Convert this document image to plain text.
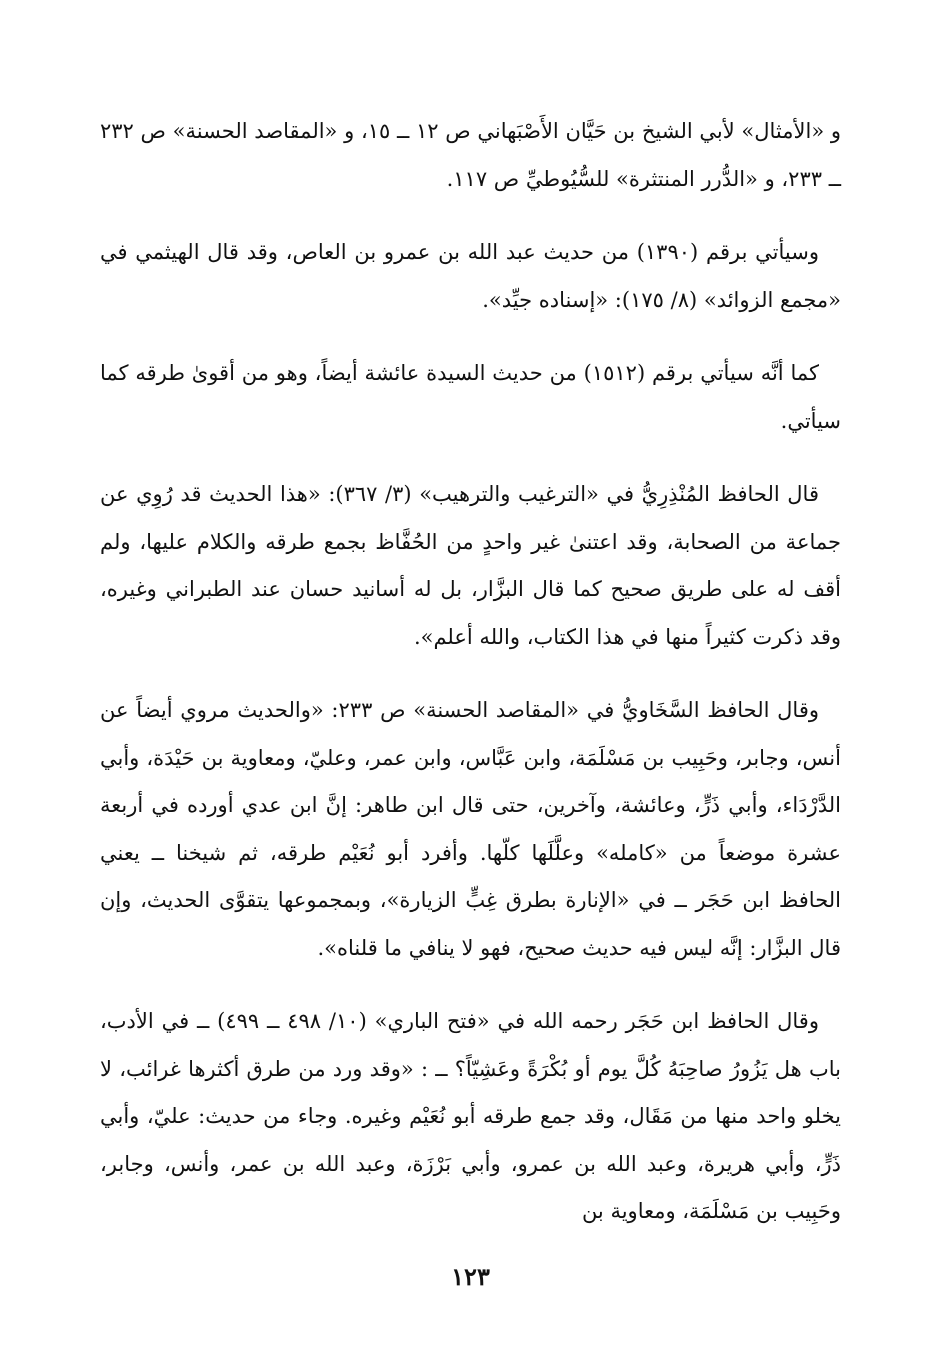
و «الأمثال» لأبي الشيخ بن حَيَّان الأَصْبَهاني ص ١٢ ــ ١٥، و «المقاصد الحسنة» ص ٢٣٢ ــ ٢٣٣، و «الدُّرر المنتثرة» للسُّيُوطيِّ ص ١١٧.

وسيأتي برقم (١٣٩٠) من حديث عبد الله بن عمرو بن العاص، وقد قال الهيثمي في «مجمع الزوائد» (٨/ ١٧٥): «إسناده جيِّد».

كما أنَّه سيأتي برقم (١٥١٢) من حديث السيدة عائشة أيضاً، وهو من أقوىٰ طرقه كما سيأتي.

قال الحافظ المُنْذِرِيُّ في «الترغيب والترهيب» (٣/ ٣٦٧): «هذا الحديث قد رُوِي عن جماعة من الصحابة، وقد اعتنىٰ غير واحدٍ من الحُفَّاظ بجمع طرقه والكلام عليها، ولم أقف له على طريق صحيح كما قال البزَّار، بل له أسانيد حسان عند الطبراني وغيره، وقد ذكرت كثيراً منها في هذا الكتاب، والله أعلم».

وقال الحافظ السَّخَاويُّ في «المقاصد الحسنة» ص ٢٣٣: «والحديث مروي أيضاً عن أنس، وجابر، وحَبِيب بن مَسْلَمَة، وابن عَبَّاس، وابن عمر، وعليّ، ومعاوية بن حَيْدَة، وأبي الدَّرْدَاء، وأبي ذَرٍّ، وعائشة، وآخرين، حتى قال ابن طاهر: إنَّ ابن عدي أورده في أربعة عشرة موضعاً من «كامله» وعلَّلَها كلّها. وأفرد أبو نُعَيْم طرقه، ثم شيخنا ــ يعني الحافظ ابن حَجَر ــ في «الإنارة بطرق غِبٍّ الزيارة»، وبمجموعها يتقوَّى الحديث، وإن قال البزَّار: إنَّه ليس فيه حديث صحيح، فهو لا ينافي ما قلناه».

وقال الحافظ ابن حَجَر رحمه الله في «فتح الباري» (١٠/ ٤٩٨ ــ ٤٩٩) ــ في الأدب، باب هل يَزُورُ صاحِبَهُ كُلَّ يوم أو بُكْرَةً وعَشِيّاً؟ ــ : «وقد ورد من طرق أكثرها غرائب، لا يخلو واحد منها من مَقَال، وقد جمع طرقه أبو نُعَيْم وغيره. وجاء من حديث: عليّ، وأبي ذَرٍّ، وأبي هريرة، وعبد الله بن عمرو، وأبي بَرْزَة، وعبد الله بن عمر، وأنس، وجابر، وحَبِيب بن مَسْلَمَة، ومعاوية بن

١٢٣
